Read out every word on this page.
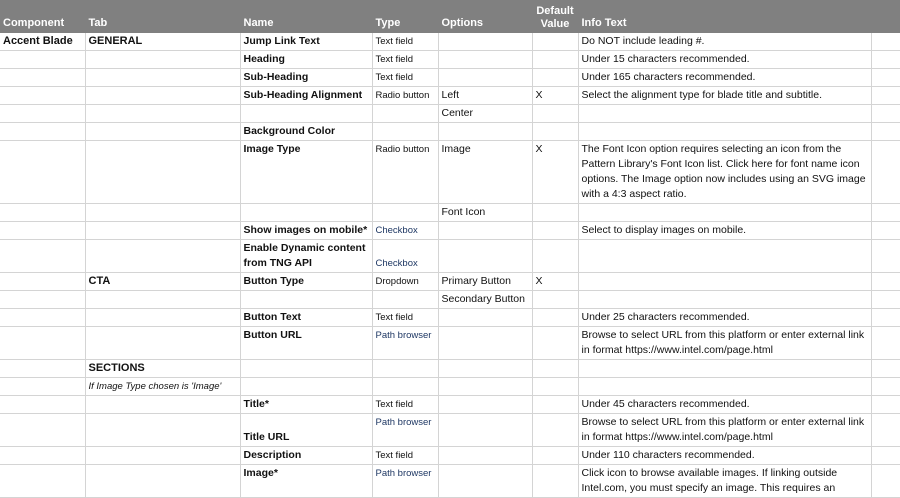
Component	Tab	Name	Type	Options	Default Value	Info Text	
Accent Blade	GENERAL	Jump Link Text	Text field			Do NOT include leading #.	
		Heading	Text field			Under 15 characters recommended.	
		Sub-Heading	Text field			Under 165 characters recommended.	
		Sub-Heading Alignment	Radio button	Left	X	Select the alignment type for blade title and subtitle.	
				Center			
		Background Color					
		Image Type	Radio button	Image	X	The Font Icon option requires selecting an icon from the Pattern Library's Font Icon list. Click here for font name icon options. The Image option now includes using an SVG image with a 4:3 aspect ratio.	
				Font Icon			
		Show images on mobile*	Checkbox			Select to display images on mobile.	
		Enable Dynamic content from TNG API	Checkbox				
	CTA	Button Type	Dropdown	Primary Button	X		
				Secondary Button			
		Button Text	Text field			Under 25 characters recommended.	
		Button URL	Path browser			Browse to select URL from this platform or enter external link in format https://www.intel.com/page.html	
	SECTIONS						
	If Image Type chosen is 'Image'						
		Title*	Text field			Under 45 characters recommended.	
		Title URL	Path browser			Browse to select URL from this platform or enter external link in format https://www.intel.com/page.html	
		Description	Text field			Under 110 characters recommended.	
		Image*	Path browser			Click icon to browse available images. If linking outside Intel.com, you must specify an image. This requires an	
